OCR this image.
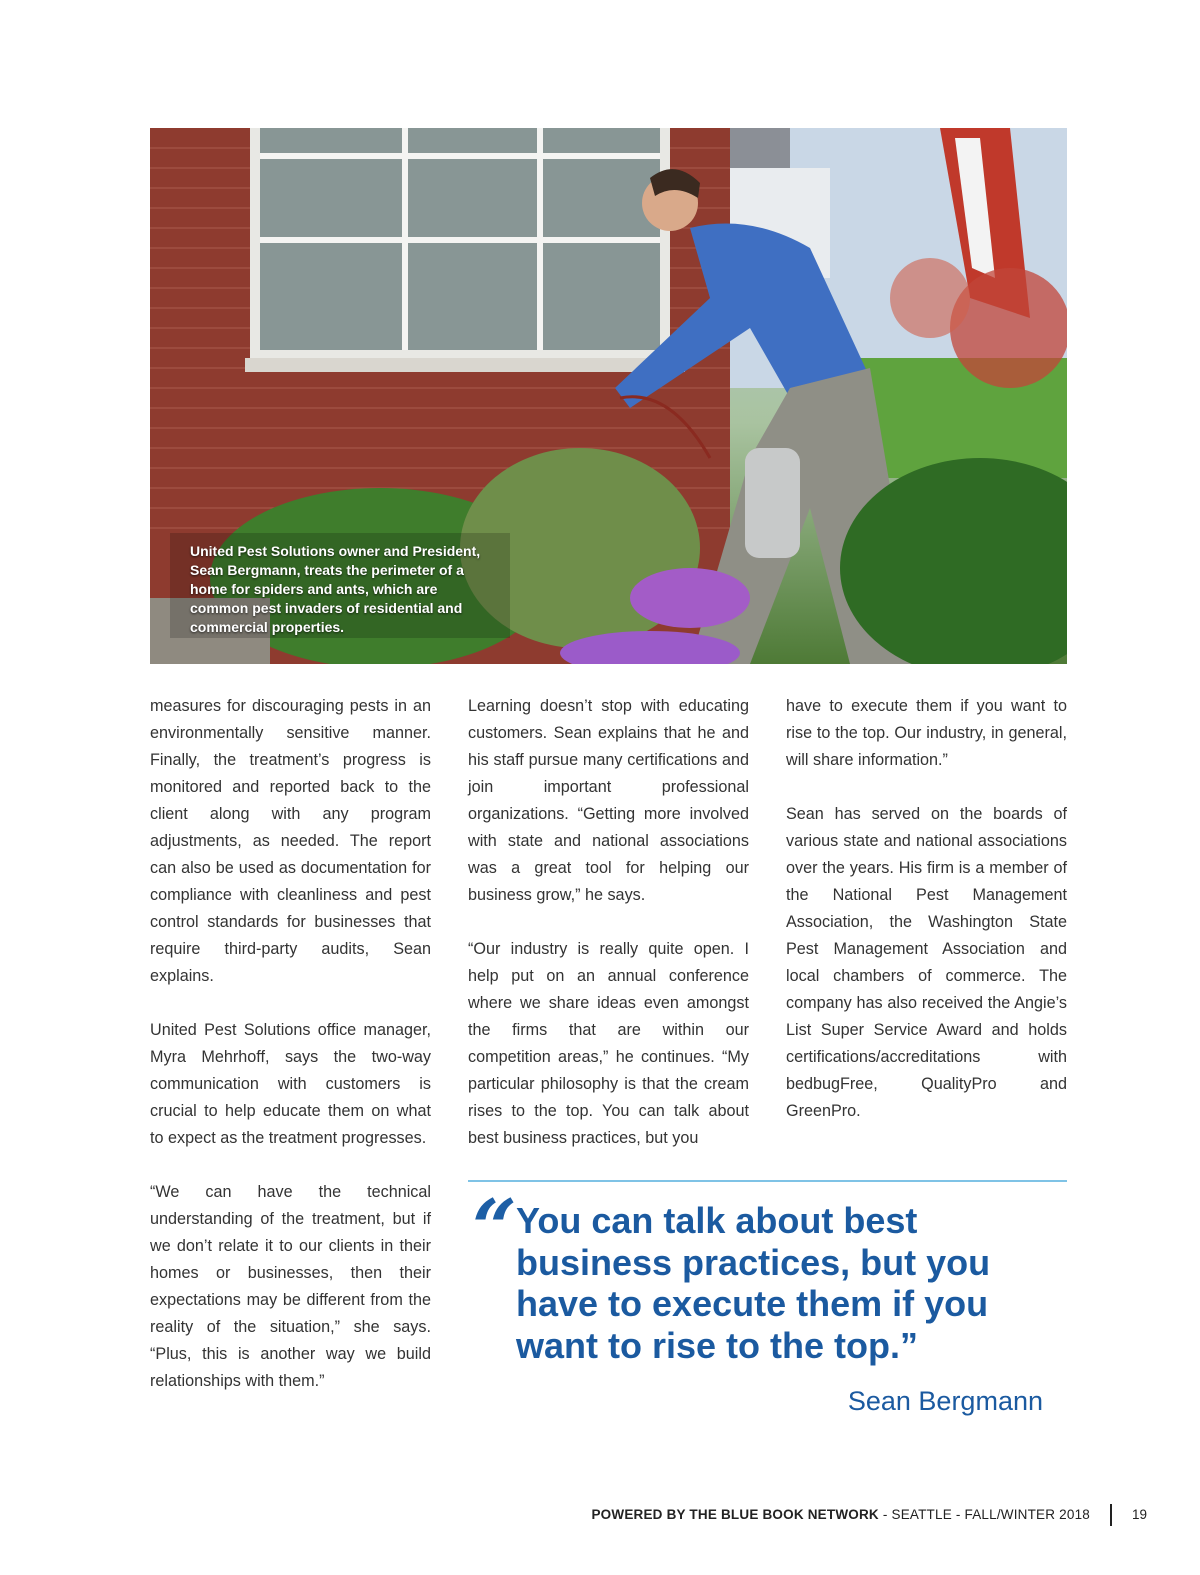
United Pest Solutions owner and President, Sean Bergmann, treats the perimeter of a home for spiders and ants, which are common pest invaders of residential and commercial properties.

measures for discouraging pests in an environmentally sensitive manner. Finally, the treatment’s progress is monitored and reported back to the client along with any program adjustments, as needed. The report can also be used as documentation for compliance with cleanliness and pest control standards for businesses that require third-party audits, Sean explains.

United Pest Solutions office manager, Myra Mehrhoff, says the two-way communication with customers is crucial to help educate them on what to expect as the treatment progresses.

“We can have the technical understanding of the treatment, but if we don’t relate it to our clients in their homes or businesses, then their expectations may be different from the reality of the situation,” she says. “Plus, this is another way we build relationships with them.”

Learning doesn’t stop with educating customers. Sean explains that he and his staff pursue many certifications and join important professional organizations. “Getting more involved with state and national associations was a great tool for helping our business grow,” he says.

“Our industry is really quite open. I help put on an annual conference where we share ideas even amongst the firms that are within our competition areas,” he continues. “My particular philosophy is that the cream rises to the top. You can talk about best business practices, but you

have to execute them if you want to rise to the top. Our industry, in general, will share information.”

Sean has served on the boards of various state and national associations over the years. His firm is a member of the National Pest Management Association, the Washington State Pest Management Association and local chambers of commerce. The company has also received the Angie’s List Super Service Award and holds certifications/accreditations with bedbugFree, QualityPro and GreenPro.

“ You can talk about best business practices, but you have to execute them if you want to rise to the top.”
Sean Bergmann
POWERED BY THE BLUE BOOK NETWORK - SEATTLE - FALL/WINTER 2018	19
